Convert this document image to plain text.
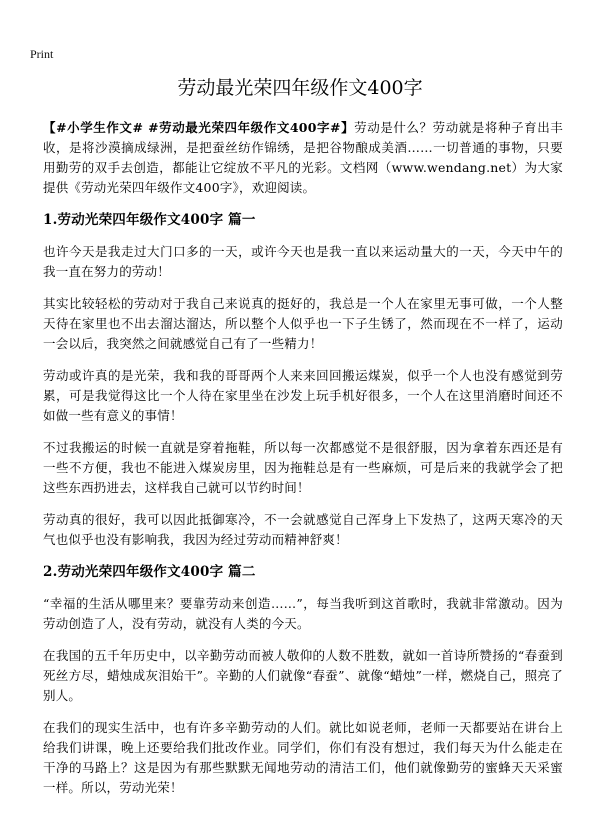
Print
劳动最光荣四年级作文400字

【#小学生作文# #劳动最光荣四年级作文400字#】劳动是什么？劳动就是将种子育出丰收，是将沙漠摘成绿洲，是把蚕丝纺作锦绣，是把谷物酿成美酒……一切普通的事物，只要用勤劳的双手去创造，都能让它绽放不平凡的光彩。文档网（www.wendang.net）为大家提供《劳动光荣四年级作文400字》，欢迎阅读。

1.劳动光荣四年级作文400字 篇一

也许今天是我走过大门口多的一天，或许今天也是我一直以来运动量大的一天，今天中午的我一直在努力的劳动！

其实比较轻松的劳动对于我自己来说真的挺好的，我总是一个人在家里无事可做，一个人整天待在家里也不出去溜达溜达，所以整个人似乎也一下子生锈了，然而现在不一样了，运动一会以后，我突然之间就感觉自己有了一些精力！

劳动或许真的是光荣，我和我的哥哥两个人来来回回搬运煤炭，似乎一个人也没有感觉到劳累，可是我觉得这比一个人待在家里坐在沙发上玩手机好很多，一个人在这里消磨时间还不如做一些有意义的事情！

不过我搬运的时候一直就是穿着拖鞋，所以每一次都感觉不是很舒服，因为拿着东西还是有一些不方便，我也不能进入煤炭房里，因为拖鞋总是有一些麻烦，可是后来的我就学会了把这些东西扔进去，这样我自己就可以节约时间！

劳动真的很好，我可以因此抵御寒冷，不一会就感觉自己浑身上下发热了，这两天寒冷的天气也似乎也没有影响我，我因为经过劳动而精神舒爽！

2.劳动光荣四年级作文400字 篇二

“幸福的生活从哪里来？要靠劳动来创造……”，每当我听到这首歌时，我就非常激动。因为劳动创造了人，没有劳动，就没有人类的今天。

在我国的五千年历史中，以辛勤劳动而被人敬仰的人数不胜数，就如一首诗所赞扬的“春蚕到死丝方尽，蜡烛成灰泪始干”。辛勤的人们就像“春蚕”、就像“蜡烛”一样，燃烧自己，照亮了别人。

在我们的现实生活中，也有许多辛勤劳动的人们。就比如说老师，老师一天都要站在讲台上给我们讲课，晚上还要给我们批改作业。同学们，你们有没有想过，我们每天为什么能走在干净的马路上？这是因为有那些默默无闻地劳动的清洁工们，他们就像勤劳的蜜蜂天天采蜜一样。所以，劳动光荣！
